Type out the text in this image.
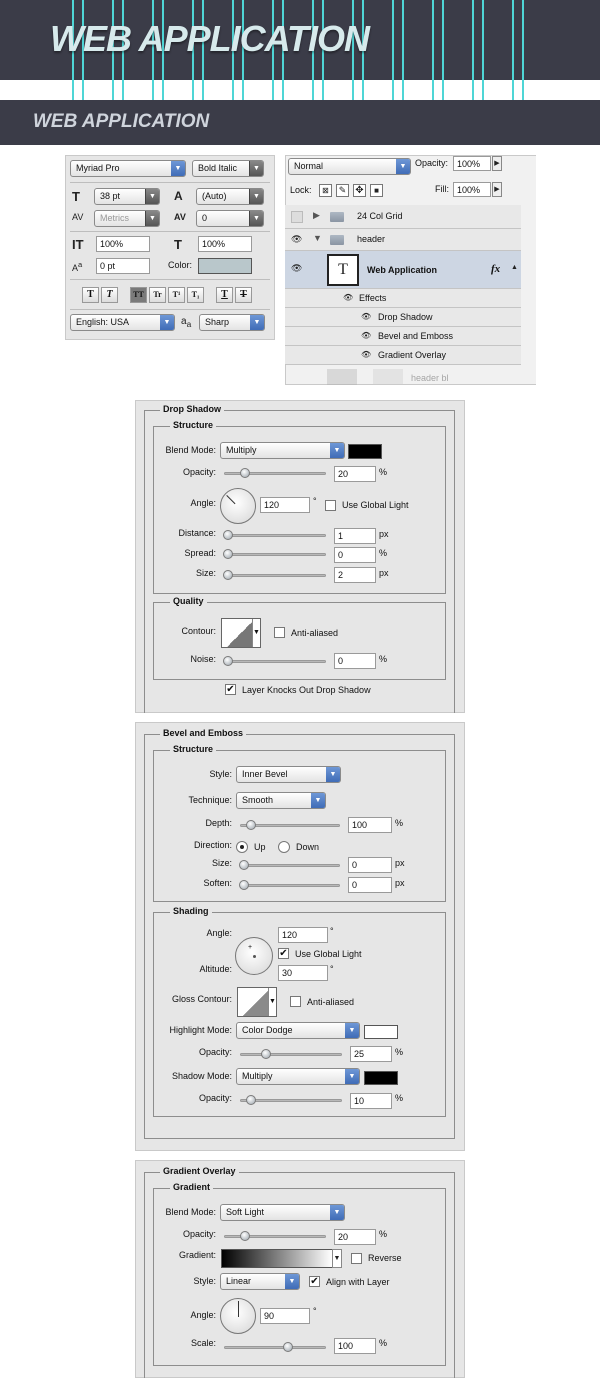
WEB APPLICATION
WEB APPLICATION
Myriad Pro	▼	Bold Italic	▼
T	38 pt	▼ A	(Auto)	▼
AV	Metrics	▼	AV	0	▼
IT	100%	T	100%
$A^a$	0 pt	Color:
T	T	TT	Tr	T¹	T₁	T	T
English: USA	▼	$a_a$	Sharp	▼
Normal	▼ Opacity: 100%	▶
Lock:	⊠	✎ ✥	■	Fill: 100%	▶
▶	24 Col Grid
👁 ▼	header
👁	T	Web Application	fx ▲
👁 Effects
👁 Drop Shadow
👁 Bevel and Emboss
👁 Gradient Overlay
header bl
Drop Shadow
Structure
Blend Mode:	Multiply	▼
Opacity:	20	%
Angle:	120	°	Use Global Light
Distance:	1	px
Spread:	0	%
Size:	2	px
Quality
Contour:	▼	Anti-aliased
Noise:	0	%
✔ Layer Knocks Out Drop Shadow
Bevel and Emboss
Structure
Style:	Inner Bevel	▼
Technique:	Smooth	▼
Depth:	100	%
Direction: Up	Down
Size:	0	px
Soften:	0	px
Shading
Angle:
+
120	°
✔ Use Global Light
Altitude:	30	°
Gloss Contour:	▼	Anti-aliased
Highlight Mode:	Color Dodge	▼
Opacity:	25	%
Shadow Mode:	Multiply	▼
Opacity:	10	%
Gradient Overlay
Gradient
Blend Mode:	Soft Light	▼
Opacity:	20	%
Gradient:	▼	Reverse
Style:	Linear	▼	✔ Align with Layer
Angle:	90	°
Scale:	100	%
